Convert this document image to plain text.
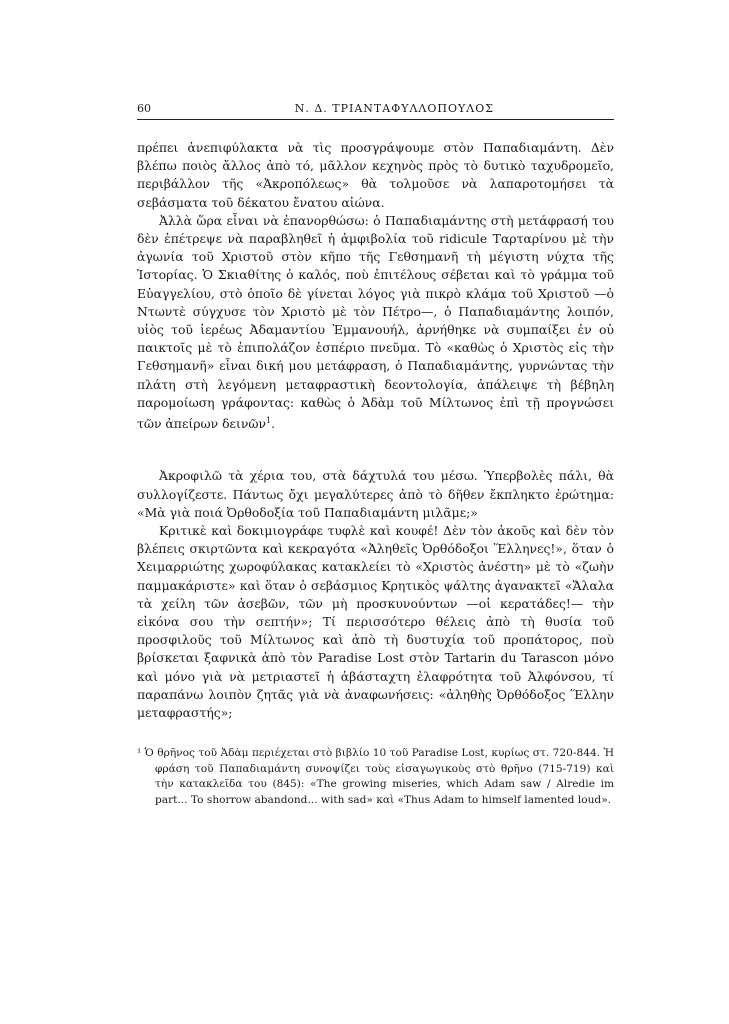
60	Ν. Δ. ΤΡΙΑΝΤΑΦΥΛΛΟΠΟΥΛΟΣ

πρέπει ἀνεπιφύλακτα νὰ τὶς προσγράψουμε στὸν Παπαδιαμάντη. Δὲν βλέπω ποιὸς ἄλλος ἀπὸ τό, μᾶλλον κεχηνὸς πρὸς τὸ δυτικὸ ταχυδρομεῖο, περιβάλλον τῆς «Ἀκροπόλεως» θὰ τολμοῦσε νὰ λαπαροτομήσει τὰ σεβάσματα τοῦ δέκατου ἔνατου αἰώνα.

Ἀλλὰ ὥρα εἶναι νὰ ἐπανορθώσω: ὁ Παπαδιαμάντης στὴ μετάφρασή του δὲν ἐπέτρεψε νὰ παραβληθεῖ ἡ ἀμφιβολία τοῦ ridicule Ταρταρίνου μὲ τὴν ἀγωνία τοῦ Χριστοῦ στὸν κῆπο τῆς Γεθσημανῆ τὴ μέγιστη νύχτα τῆς Ἱστορίας. Ὁ Σκιαθίτης ὁ καλός, ποὺ ἐπιτέλους σέβεται καὶ τὸ γράμμα τοῦ Εὐαγγελίου, στὸ ὁποῖο δὲ γίνεται λόγος γιὰ πικρὸ κλάμα τοῦ Χριστοῦ —ὁ Ντωντὲ σύγχυσε τὸν Χριστὸ μὲ τὸν Πέτρο—, ὁ Παπαδιαμάντης λοιπόν, υἱὸς τοῦ ἱερέως Ἀδαμαντίου Ἐμμανουήλ, ἀρνήθηκε νὰ συμπαίξει ἐν οὐ παικτοῖς μὲ τὸ ἐπιπολάζον ἑσπέριο πνεῦμα. Τὸ «καθὼς ὁ Χριστὸς εἰς τὴν Γεθσημανῆ» εἶναι δική μου μετάφραση, ὁ Παπαδιαμάντης, γυρνώντας τὴν πλάτη στὴ λεγόμενη μεταφραστικὴ δεοντολογία, ἀπάλειψε τὴ βέβηλη παρομοίωση γράφοντας: καθὼς ὁ Ἀδὰμ τοῦ Μίλτωνος ἐπὶ τῇ προγνώσει τῶν ἀπείρων δεινῶν$^1$.

Ἀκροφιλῶ τὰ χέρια του, στὰ δάχτυλά του μέσω. Ὑπερβολὲς πάλι, θὰ συλλογίζεστε. Πάντως ὄχι μεγαλύτερες ἀπὸ τὸ δῆθεν ἔκπληκτο ἐρώτημα: «Μὰ γιὰ ποιά Ὀρθοδοξία τοῦ Παπαδιαμάντη μιλᾶμε;»

Κριτικὲ καὶ δοκιμιογράφε τυφλὲ καὶ κουφέ! Δὲν τὸν ἀκοῦς καὶ δὲν τὸν βλέπεις σκιρτῶντα καὶ κεκραγότα «Ἀληθεῖς Ὀρθόδοξοι Ἕλληνες!», ὅταν ὁ Χειμαρριώτης χωροφύλακας κατακλείει τὸ «Χριστὸς ἀνέστη» μὲ τὸ «ζωὴν παμμακάριστε» καὶ ὅταν ὁ σεβάσμιος Κρητικὸς ψάλτης ἀγανακτεῖ «Ἄλαλα τὰ χείλη τῶν ἀσεβῶν, τῶν μὴ προσκυνούντων —οἱ κερατάδες!— τὴν εἰκόνα σου τὴν σεπτήν»; Τί περισσότερο θέλεις ἀπὸ τὴ θυσία τοῦ προσφιλοῦς τοῦ Μίλτωνος καὶ ἀπὸ τὴ δυστυχία τοῦ προπάτορος, ποὺ βρίσκεται ξαφνικὰ ἀπὸ τὸν Paradise Lost στὸν Tartarin du Tarascon μόνο καὶ μόνο γιὰ νὰ μετριαστεῖ ἡ ἀβάσταχτη ἐλαφρότητα τοῦ Ἀλφόνσου, τί παραπάνω λοιπὸν ζητᾶς γιὰ νὰ ἀναφωνήσεις: «ἀληθὴς Ὀρθόδοξος Ἕλλην μεταφραστής»;

¹ Ὁ θρῆνος τοῦ Ἀδὰμ περιέχεται στὸ βιβλίο 10 τοῦ Paradise Lost, κυρίως στ. 720-844. Ἡ φράση τοῦ Παπαδιαμάντη συνοψίζει τοὺς εἰσαγωγικοὺς στὸ θρῆνο (715-719) καὶ τὴν κατακλεῖδα του (845): «The growing miseries, which Adam saw / Alredie im part... To shorrow abandond... with sad» καὶ «Thus Adam to himself lamented loud».
